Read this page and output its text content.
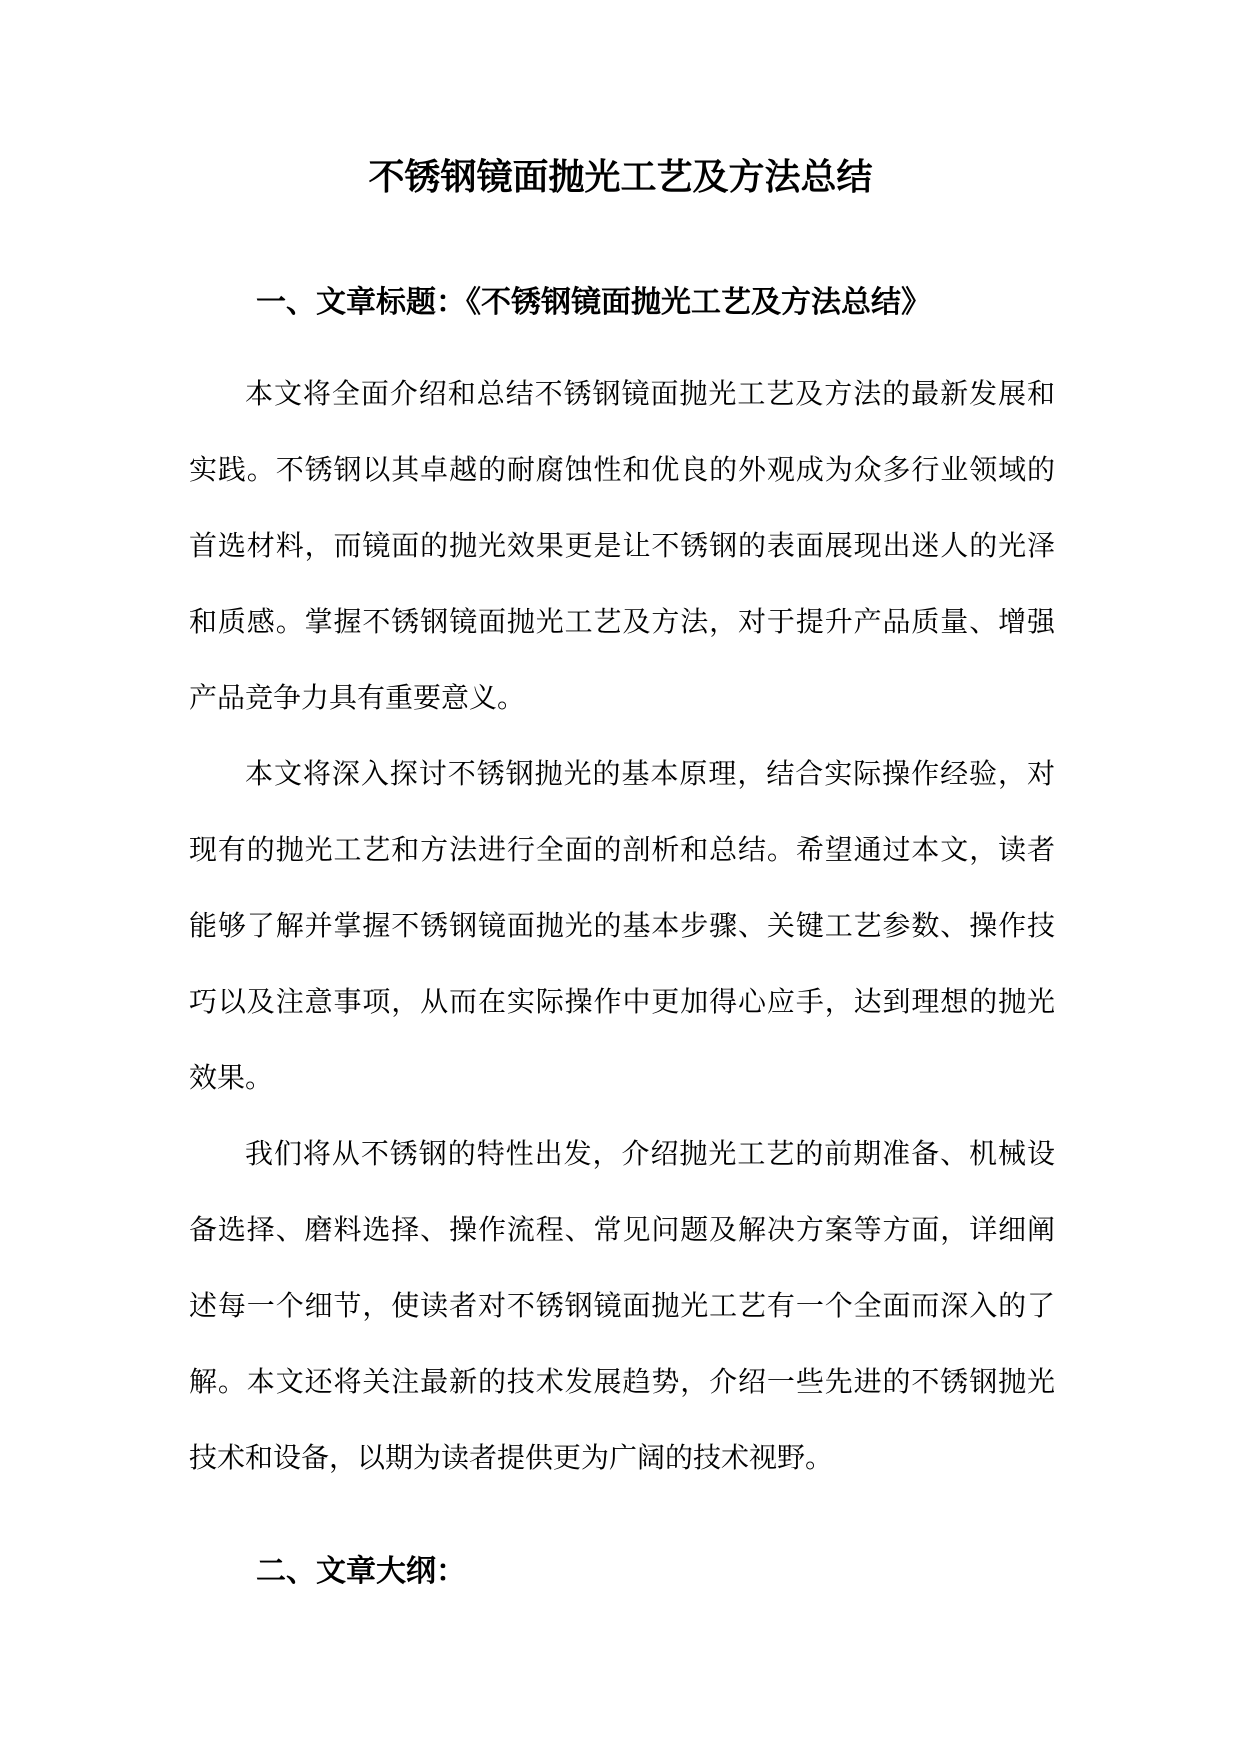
不锈钢镜面抛光工艺及方法总结
一、文章标题：《不锈钢镜面抛光工艺及方法总结》

本文将全面介绍和总结不锈钢镜面抛光工艺及方法的最新发展和实践。不锈钢以其卓越的耐腐蚀性和优良的外观成为众多行业领域的首选材料，而镜面的抛光效果更是让不锈钢的表面展现出迷人的光泽和质感。掌握不锈钢镜面抛光工艺及方法，对于提升产品质量、增强产品竞争力具有重要意义。

本文将深入探讨不锈钢抛光的基本原理，结合实际操作经验，对现有的抛光工艺和方法进行全面的剖析和总结。希望通过本文，读者能够了解并掌握不锈钢镜面抛光的基本步骤、关键工艺参数、操作技巧以及注意事项，从而在实际操作中更加得心应手，达到理想的抛光效果。

我们将从不锈钢的特性出发，介绍抛光工艺的前期准备、机械设备选择、磨料选择、操作流程、常见问题及解决方案等方面，详细阐述每一个细节，使读者对不锈钢镜面抛光工艺有一个全面而深入的了解。本文还将关注最新的技术发展趋势，介绍一些先进的不锈钢抛光技术和设备，以期为读者提供更为广阔的技术视野。

二、文章大纲：
